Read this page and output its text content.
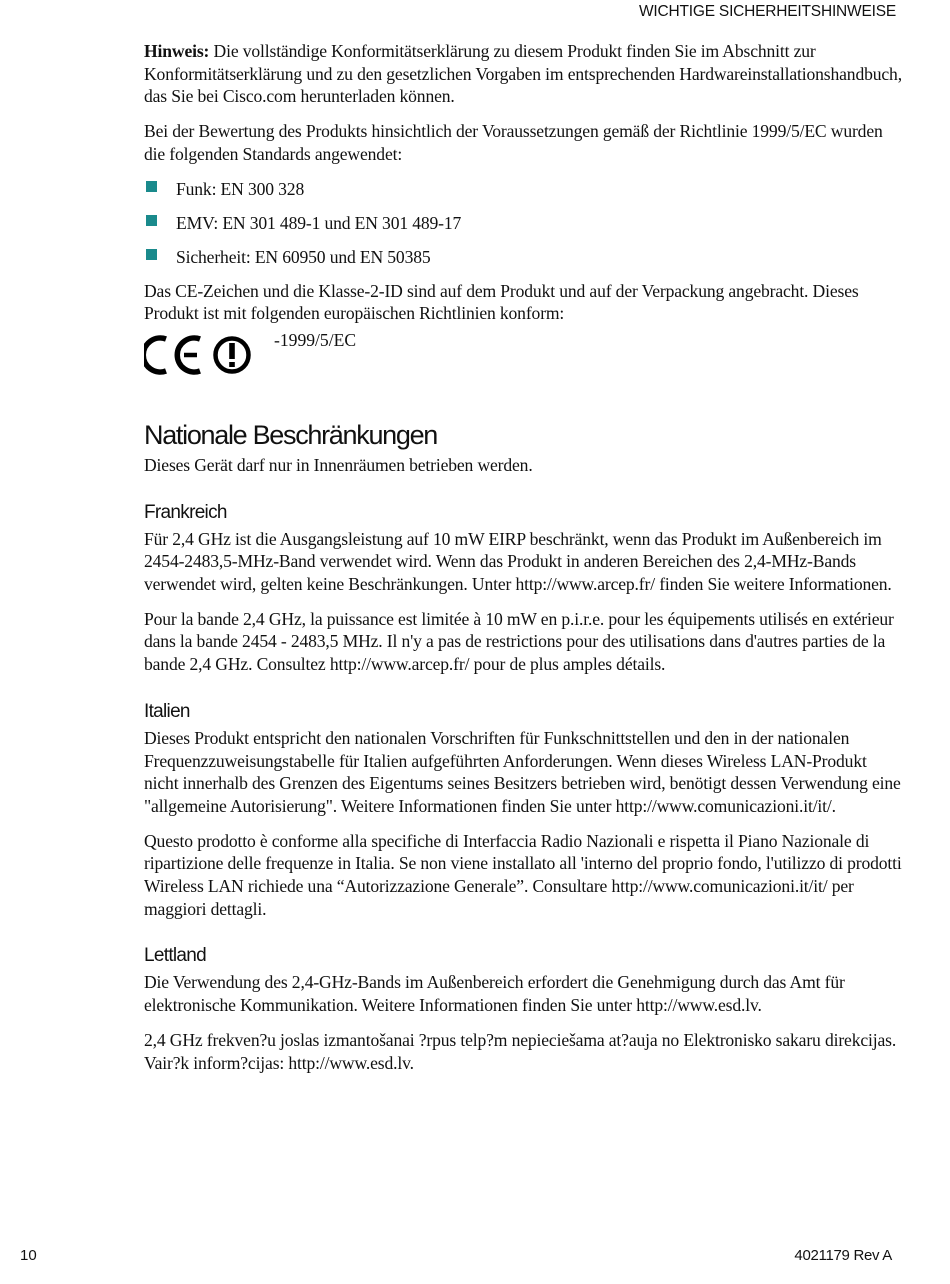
WICHTIGE SICHERHEITSHINWEISE

Hinweis: Die vollständige Konformitätserklärung zu diesem Produkt finden Sie im Abschnitt zur Konformitätserklärung und zu den gesetzlichen Vorgaben im entsprechenden Hardwareinstallationshandbuch, das Sie bei Cisco.com herunterladen können.

Bei der Bewertung des Produkts hinsichtlich der Voraussetzungen gemäß der Richtlinie 1999/5/EC wurden die folgenden Standards angewendet:

Funk: EN 300 328
EMV: EN 301 489-1 und EN 301 489-17
Sicherheit: EN 60950 und EN 50385

Das CE-Zeichen und die Klasse-2-ID sind auf dem Produkt und auf der Verpackung angebracht. Dieses Produkt ist mit folgenden europäischen Richtlinien konform:

-1999/5/EC
Nationale Beschränkungen

Dieses Gerät darf nur in Innenräumen betrieben werden.

Frankreich

Für 2,4 GHz ist die Ausgangsleistung auf 10 mW EIRP beschränkt, wenn das Produkt im Außenbereich im 2454-2483,5-MHz-Band verwendet wird. Wenn das Produkt in anderen Bereichen des 2,4-MHz-Bands verwendet wird, gelten keine Beschränkungen. Unter http://www.arcep.fr/ finden Sie weitere Informationen.

Pour la bande 2,4 GHz, la puissance est limitée à 10 mW en p.i.r.e. pour les équipements utilisés en extérieur dans la bande 2454 - 2483,5 MHz. Il n'y a pas de restrictions pour des utilisations dans d'autres parties de la bande 2,4 GHz. Consultez http://www.arcep.fr/ pour de plus amples détails.

Italien

Dieses Produkt entspricht den nationalen Vorschriften für Funkschnittstellen und den in der nationalen Frequenzzuweisungstabelle für Italien aufgeführten Anforderungen. Wenn dieses Wireless LAN-Produkt nicht innerhalb des Grenzen des Eigentums seines Besitzers betrieben wird, benötigt dessen Verwendung eine "allgemeine Autorisierung". Weitere Informationen finden Sie unter http://www.comunicazioni.it/it/.

Questo prodotto è conforme alla specifiche di Interfaccia Radio Nazionali e rispetta il Piano Nazionale di ripartizione delle frequenze in Italia. Se non viene installato all 'interno del proprio fondo, l'utilizzo di prodotti Wireless LAN richiede una “Autorizzazione Generale”. Consultare http://www.comunicazioni.it/it/ per maggiori dettagli.

Lettland

Die Verwendung des 2,4-GHz-Bands im Außenbereich erfordert die Genehmigung durch das Amt für elektronische Kommunikation. Weitere Informationen finden Sie unter http://www.esd.lv.

2,4 GHz frekven?u joslas izmantošanai ?rpus telp?m nepieciešama at?auja no Elektronisko sakaru direkcijas. Vair?k inform?cijas: http://www.esd.lv.

10	4021179 Rev A
